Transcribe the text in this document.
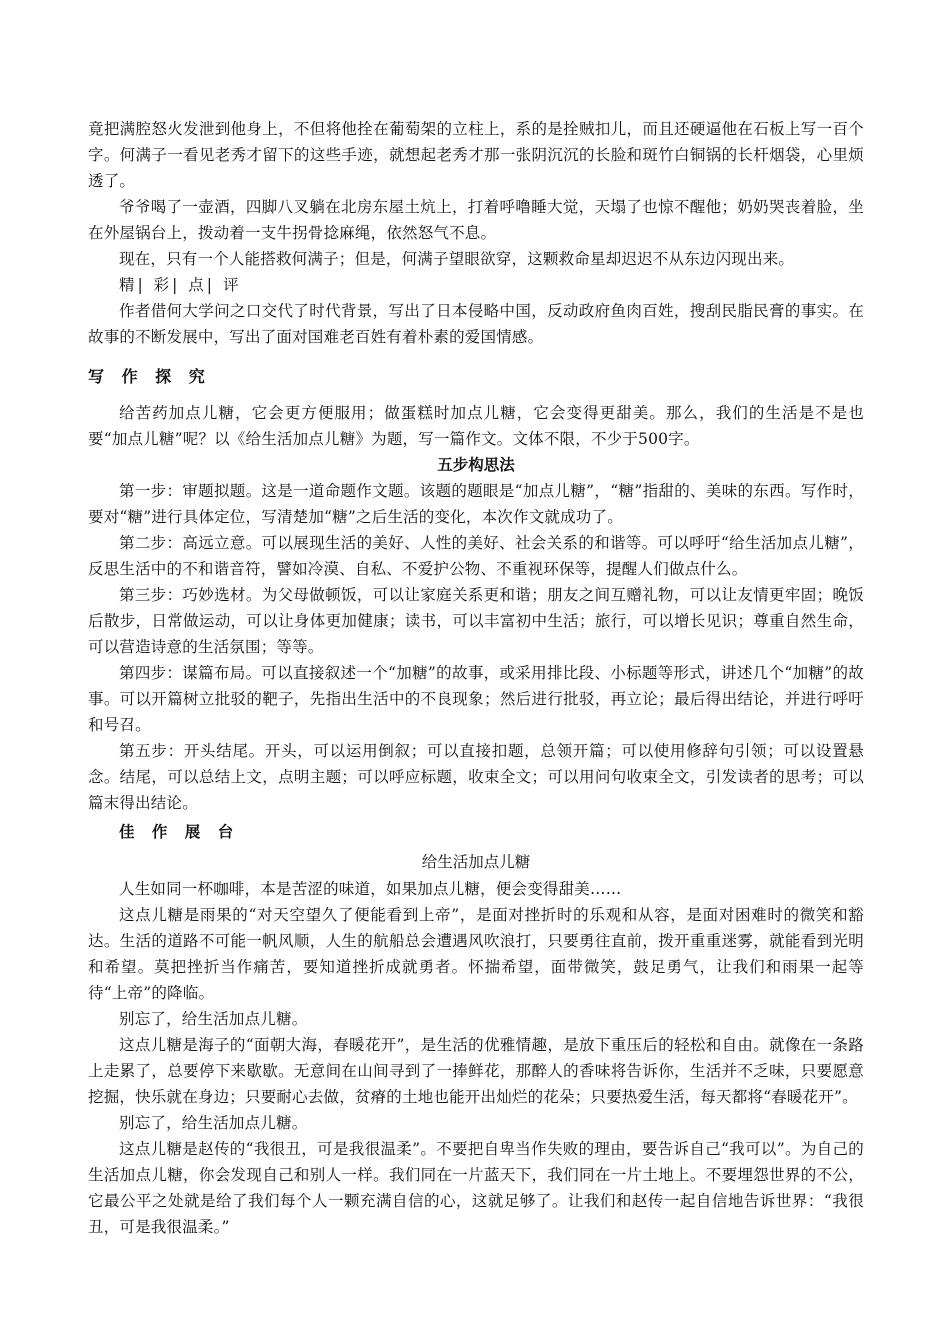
竟把满腔怒火发泄到他身上，不但将他拴在葡萄架的立柱上，系的是拴贼扣儿，而且还硬逼他在石板上写一百个字。何满子一看见老秀才留下的这些手迹，就想起老秀才那一张阴沉沉的长脸和斑竹白铜锅的长杆烟袋，心里烦透了。

爷爷喝了一壶酒，四脚八叉躺在北房东屋土炕上，打着呼噜睡大觉，天塌了也惊不醒他；奶奶哭丧着脸，坐在外屋锅台上，拨动着一支牛拐骨捻麻绳，依然怒气不息。

现在，只有一个人能搭救何满子；但是，何满子望眼欲穿，这颗救命星却迟迟不从东边闪现出来。

精| 彩| 点| 评

作者借何大学问之口交代了时代背景，写出了日本侵略中国，反动政府鱼肉百姓，搜刮民脂民膏的事实。在故事的不断发展中，写出了面对国难老百姓有着朴素的爱国情感。

写 作 探 究

给苦药加点儿糖，它会更方便服用；做蛋糕时加点儿糖，它会变得更甜美。那么，我们的生活是不是也要“加点儿糖”呢？以《给生活加点儿糖》为题，写一篇作文。文体不限，不少于500字。

五步构思法

第一步：审题拟题。这是一道命题作文题。该题的题眼是“加点儿糖”，“糖”指甜的、美味的东西。写作时，要对“糖”进行具体定位，写清楚加“糖”之后生活的变化，本次作文就成功了。

第二步：高远立意。可以展现生活的美好、人性的美好、社会关系的和谐等。可以呼吁“给生活加点儿糖”，反思生活中的不和谐音符，譬如冷漠、自私、不爱护公物、不重视环保等，提醒人们做点什么。

第三步：巧妙选材。为父母做顿饭，可以让家庭关系更和谐；朋友之间互赠礼物，可以让友情更牢固；晚饭后散步，日常做运动，可以让身体更加健康；读书，可以丰富初中生活；旅行，可以增长见识；尊重自然生命，可以营造诗意的生活氛围；等等。

第四步：谋篇布局。可以直接叙述一个“加糖”的故事，或采用排比段、小标题等形式，讲述几个“加糖”的故事。可以开篇树立批驳的靶子，先指出生活中的不良现象；然后进行批驳，再立论；最后得出结论，并进行呼吁和号召。

第五步：开头结尾。开头，可以运用倒叙；可以直接扣题，总领开篇；可以使用修辞句引领；可以设置悬念。结尾，可以总结上文，点明主题；可以呼应标题，收束全文；可以用问句收束全文，引发读者的思考；可以篇末得出结论。

佳 作 展 台

给生活加点儿糖

人生如同一杯咖啡，本是苦涩的味道，如果加点儿糖，便会变得甜美……

这点儿糖是雨果的“对天空望久了便能看到上帝”，是面对挫折时的乐观和从容，是面对困难时的微笑和豁达。生活的道路不可能一帆风顺，人生的航船总会遭遇风吹浪打，只要勇往直前，拨开重重迷雾，就能看到光明和希望。莫把挫折当作痛苦，要知道挫折成就勇者。怀揣希望，面带微笑，鼓足勇气，让我们和雨果一起等待“上帝”的降临。

别忘了，给生活加点儿糖。

这点儿糖是海子的“面朝大海，春暖花开”，是生活的优雅情趣，是放下重压后的轻松和自由。就像在一条路上走累了，总要停下来歇歇。无意间在山间寻到了一捧鲜花，那醉人的香味将告诉你，生活并不乏味，只要愿意挖掘，快乐就在身边；只要耐心去做，贫瘠的土地也能开出灿烂的花朵；只要热爱生活，每天都将“春暖花开”。

别忘了，给生活加点儿糖。

这点儿糖是赵传的“我很丑，可是我很温柔”。不要把自卑当作失败的理由，要告诉自己“我可以”。为自己的生活加点儿糖，你会发现自己和别人一样。我们同在一片蓝天下，我们同在一片土地上。不要埋怨世界的不公，它最公平之处就是给了我们每个人一颗充满自信的心，这就足够了。让我们和赵传一起自信地告诉世界：“我很丑，可是我很温柔。”
